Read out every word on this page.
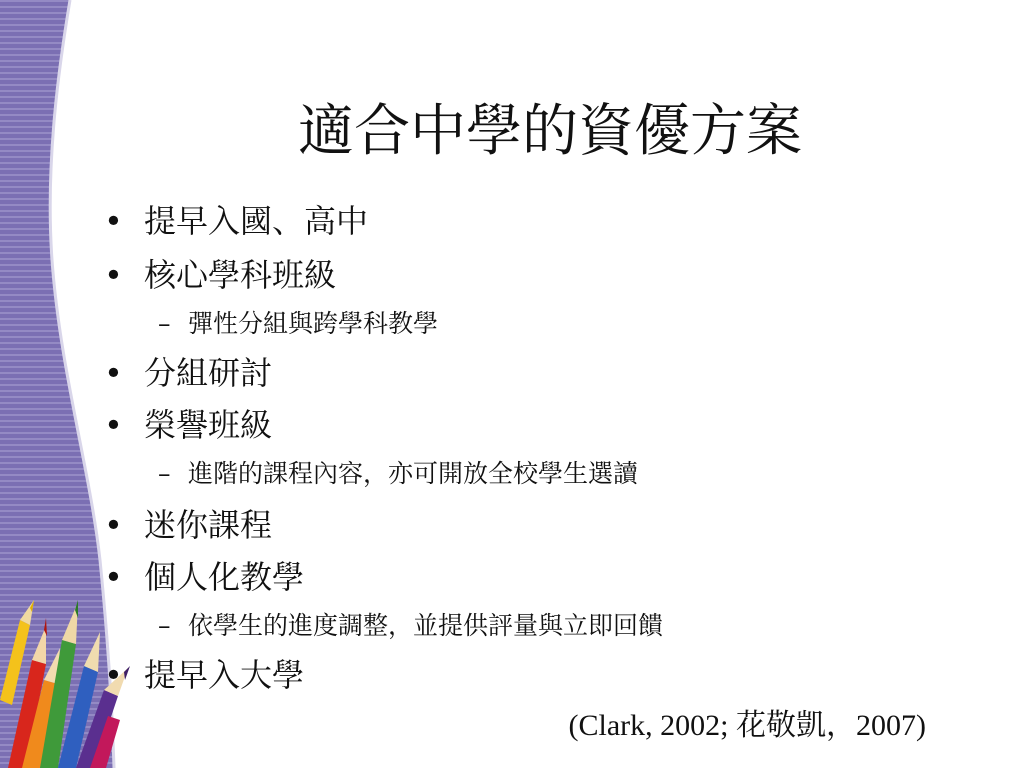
適合中學的資優方案
• 提早入國、高中
• 核心學科班級
– 彈性分組與跨學科教學
• 分組研討
• 榮譽班級
– 進階的課程內容，亦可開放全校學生選讀
• 迷你課程
• 個人化教學
– 依學生的進度調整，並提供評量與立即回饋
• 提早入大學
(Clark, 2002; 花敬凱，2007)
